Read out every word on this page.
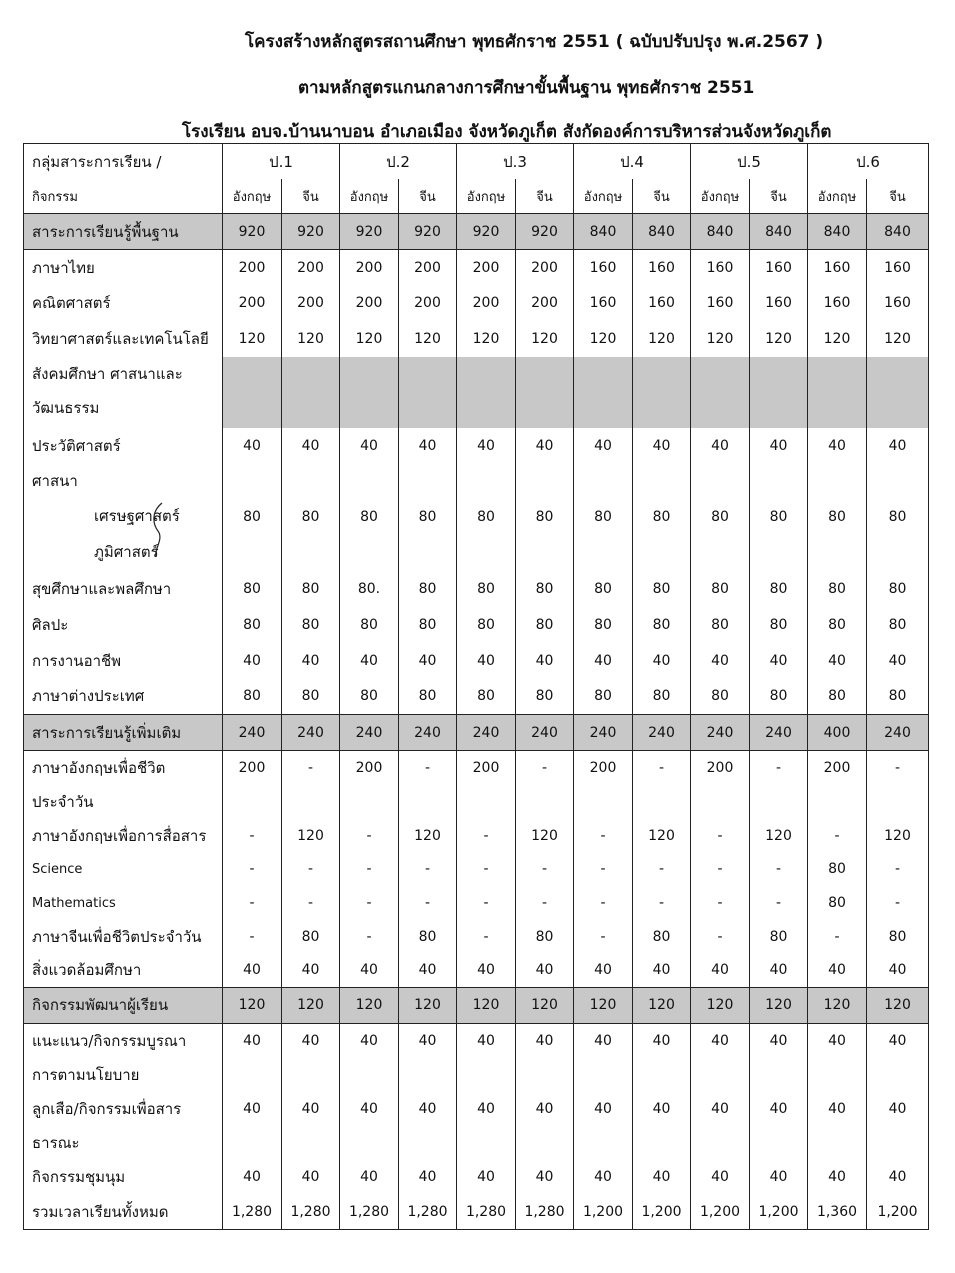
โครงสร้างหลักสูตรสถานศึกษา พุทธศักราช 2551 ( ฉบับปรับปรุง พ.ศ.2567 )
ตามหลักสูตรแกนกลางการศึกษาขั้นพื้นฐาน พุทธศักราช 2551
โรงเรียน อบจ.บ้านนาบอน อำเภอเมือง จังหวัดภูเก็ต สังกัดองค์การบริหารส่วนจังหวัดภูเก็ต
กลุ่มสาระการเรียน /	ป.1		ป.2		ป.3		ป.4		ป.5		ป.6	
กิจกรรม	อังกฤษ	จีน	อังกฤษ	จีน	อังกฤษ	จีน	อังกฤษ	จีน	อังกฤษ	จีน	อังกฤษ	จีน

สาระการเรียนรู้พื้นฐาน	920	920	920	920	920	920	840	840	840	840	840	840

ภาษาไทย	200	200	200	200	200	200	160	160	160	160	160	160

คณิตศาสตร์	200	200	200	200	200	200	160	160	160	160	160	160

วิทยาศาสตร์และเทคโนโลยี	120	120	120	120	120	120	120	120	120	120	120	120

สังคมศึกษา ศาสนาและวัฒนธรรม												

ประวัติศาสตร์	40	40	40	40	40	40	40	40	40	40	40	40

ศาสนา
เศรษฐศาสตร์
ภูมิศาสตร์	80	80	80	80	80	80	80	80	80	80	80	80

สุขศึกษาและพลศึกษา	80	80	80.	80	80	80	80	80	80	80	80	80

ศิลปะ	80	80	80	80	80	80	80	80	80	80	80	80

การงานอาชีพ	40	40	40	40	40	40	40	40	40	40	40	40

ภาษาต่างประเทศ	80	80	80	80	80	80	80	80	80	80	80	80

สาระการเรียนรู้เพิ่มเติม	240	240	240	240	240	240	240	240	240	240	400	240

ภาษาอังกฤษเพื่อชีวิตประจำวัน	200	-	200	-	200	-	200	-	200	-	200	-

ภาษาอังกฤษเพื่อการสื่อสาร	-	120	-	120	-	120	-	120	-	120	-	120

Science	-	-	-	-	-	-	-	-	-	-	80	-

Mathematics	-	-	-	-	-	-	-	-	-	-	80	-

ภาษาจีนเพื่อชีวิตประจำวัน	-	80	-	80	-	80	-	80	-	80	-	80

สิ่งแวดล้อมศึกษา	40	40	40	40	40	40	40	40	40	40	40	40

กิจกรรมพัฒนาผู้เรียน	120	120	120	120	120	120	120	120	120	120	120	120

แนะแนว/กิจกรรมบูรณาการตามนโยบาย	40	40	40	40	40	40	40	40	40	40	40	40

ลูกเสือ/กิจกรรมเพื่อสารธารณะ	40	40	40	40	40	40	40	40	40	40	40	40

กิจกรรมชุมนุม	40	40	40	40	40	40	40	40	40	40	40	40

รวมเวลาเรียนทั้งหมด	1,280	1,280	1,280	1,280	1,280	1,280	1,200	1,200	1,200	1,200	1,360	1,200
